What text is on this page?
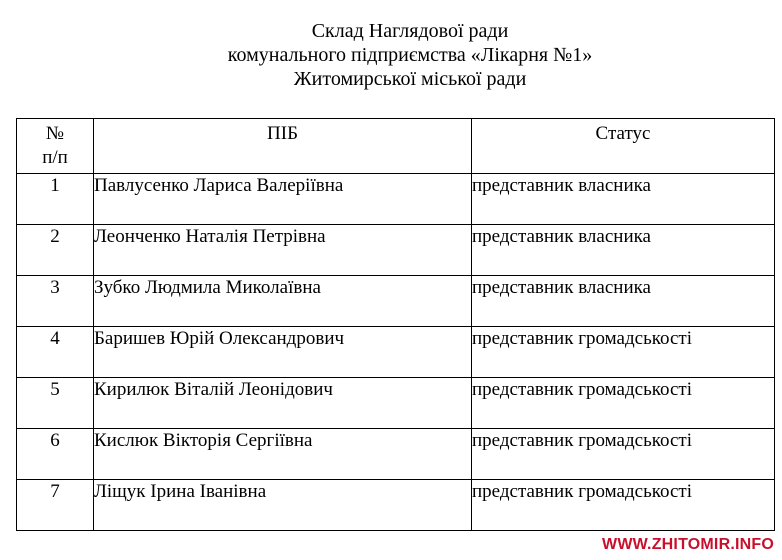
Склад Наглядової ради
комунального підприємства «Лікарня №1»
Житомирської міської ради
№
п/п	ПІБ	Статус
1	Павлусенко Лариса Валеріївна	представник власника
2	Леонченко Наталія Петрівна	представник власника
3	Зубко Людмила Миколаївна	представник власника
4	Баришев Юрій Олександрович	представник громадськості
5	Кирилюк Віталій Леонідович	представник громадськості
6	Кислюк Вікторія Сергіївна	представник громадськості
7	Ліщук Ірина Іванівна	представник громадськості
WWW.ZHITOMIR.INFO
